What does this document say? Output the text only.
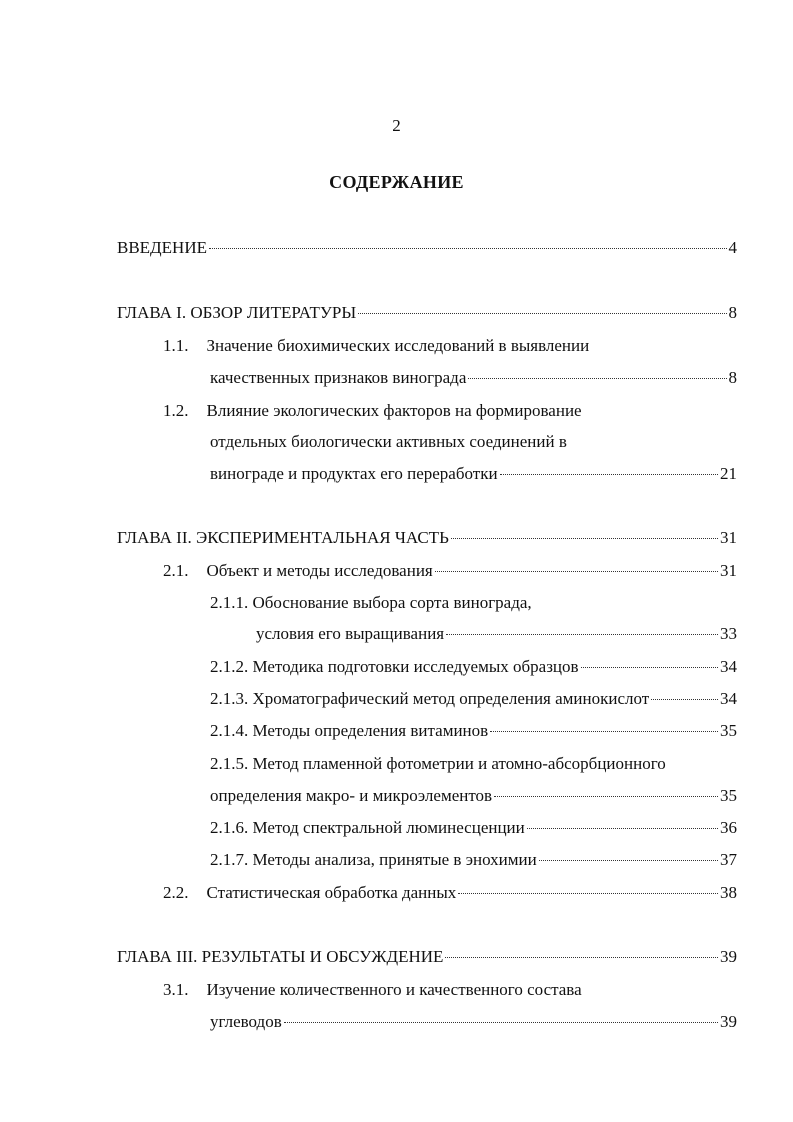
2
СОДЕРЖАНИЕ
ВВЕДЕНИЕ	4
ГЛАВА I. ОБЗОР ЛИТЕРАТУРЫ	8
1.1. Значение биохимических исследований в выявлении
качественных признаков винограда	8
1.2. Влияние экологических факторов на формирование
отдельных биологически активных соединений в
винограде и продуктах его переработки	21
ГЛАВА II. ЭКСПЕРИМЕНТАЛЬНАЯ ЧАСТЬ	31
2.1. Объект и методы исследования	31
2.1.1. Обоснование выбора сорта винограда,
условия его выращивания	33
2.1.2. Методика подготовки исследуемых образцов	34
2.1.3. Хроматографический метод определения аминокислот	34
2.1.4. Методы определения витаминов	35
2.1.5. Метод пламенной фотометрии и атомно-абсорбционного
определения макро- и микроэлементов	35
2.1.6. Метод спектральной люминесценции	36
2.1.7. Методы анализа, принятые в энохимии	37
2.2. Статистическая обработка данных	38
ГЛАВА III. РЕЗУЛЬТАТЫ И ОБСУЖДЕНИЕ	39
3.1. Изучение количественного и качественного состава
углеводов	39
